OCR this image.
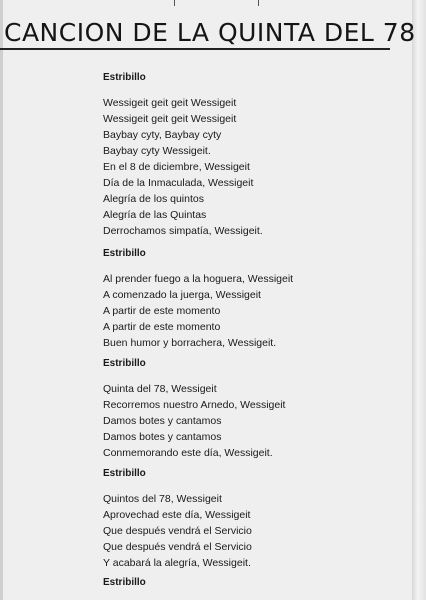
CANCION DE LA QUINTA DEL 78
Estribillo
Wessigeit geit geit Wessigeit
Wessigeit geit geit Wessigeit
Baybay cyty, Baybay cyty
Baybay cyty Wessigeit.
En el 8 de diciembre, Wessigeit
Día de la Inmaculada, Wessigeit
Alegría de los quintos
Alegría de las Quintas
Derrochamos simpatía, Wessigeit.
Estribillo
Al prender fuego a la hoguera, Wessigeit
A comenzado la juerga, Wessigeit
A partir de este momento
A partir de este momento
Buen humor y borrachera, Wessigeit.
Estribillo
Quinta del 78, Wessigeit
Recorremos nuestro Arnedo, Wessigeit
Damos botes y cantamos
Damos botes y cantamos
Conmemorando este día, Wessigeit.
Estribillo
Quintos del 78, Wessigeit
Aprovechad este día, Wessigeit
Que después vendrá el Servicio
Que después vendrá el Servicio
Y acabará la alegría, Wessigeit.
Estribillo
